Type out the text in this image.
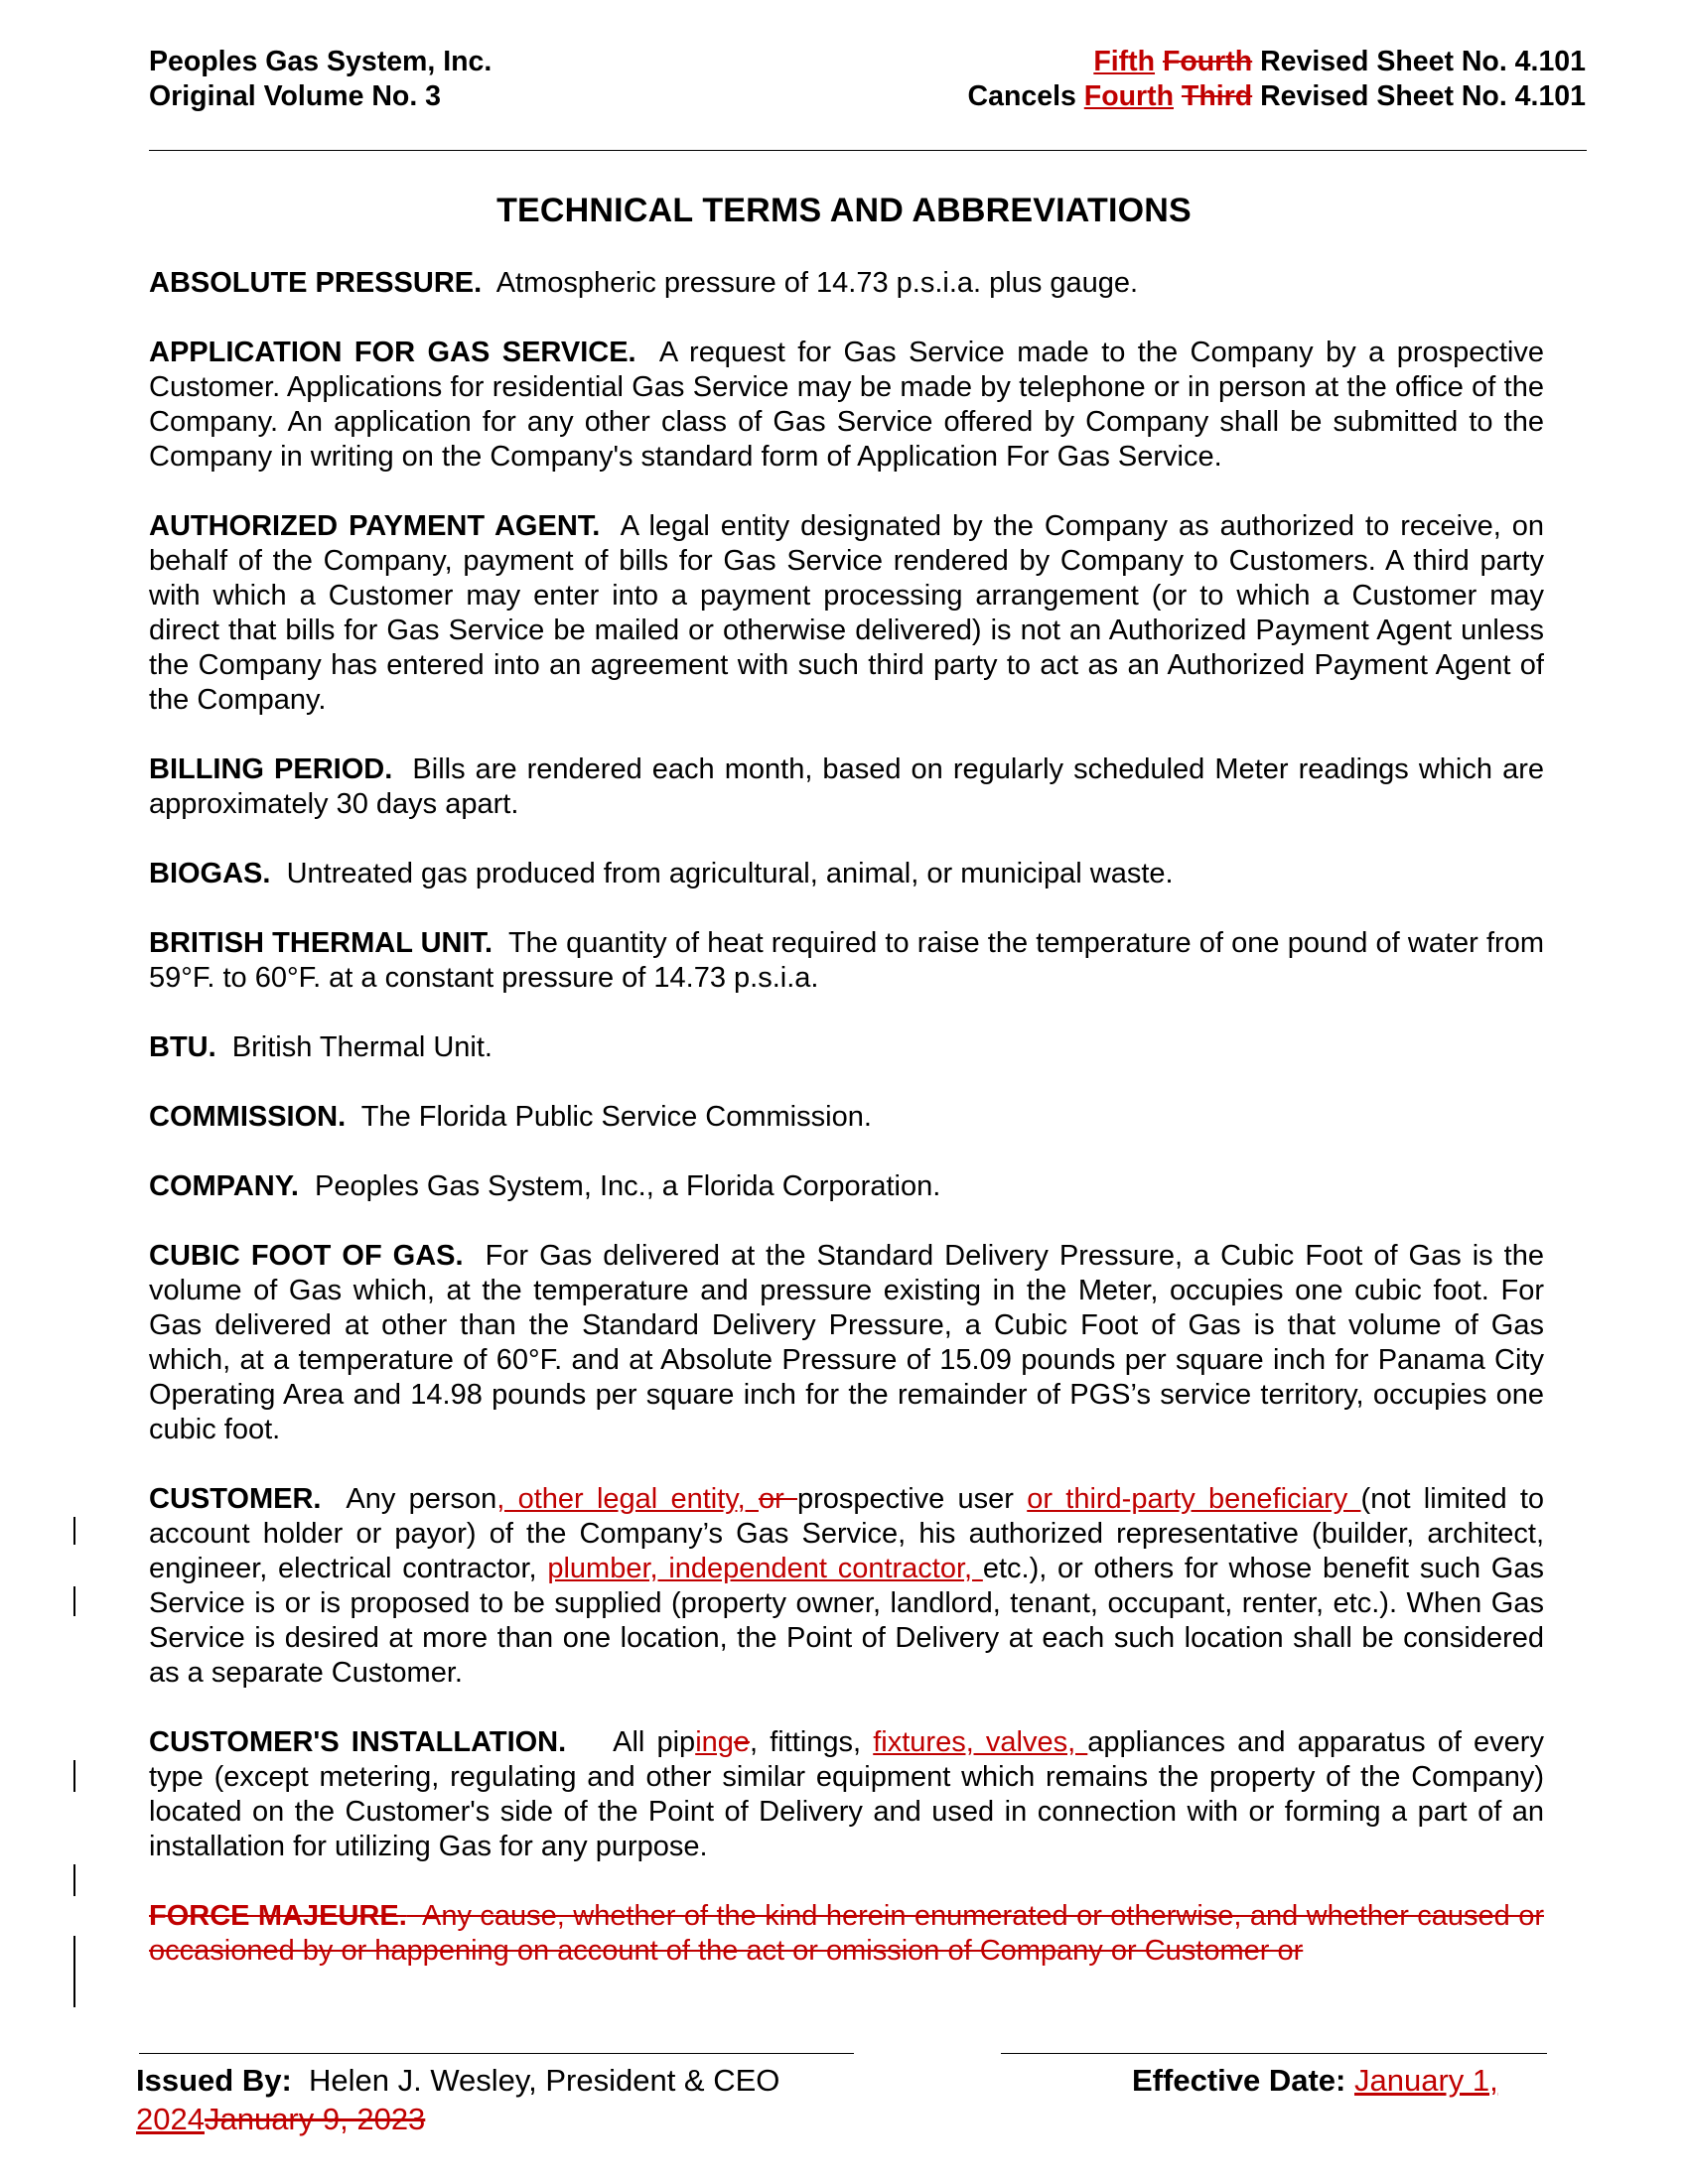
Peoples Gas System, Inc.
Original Volume No. 3
Fifth Fourth Revised Sheet No. 4.101
Cancels Fourth Third Revised Sheet No. 4.101
TECHNICAL TERMS AND ABBREVIATIONS

ABSOLUTE PRESSURE. Atmospheric pressure of 14.73 p.s.i.a. plus gauge.

APPLICATION FOR GAS SERVICE. A request for Gas Service made to the Company by a prospective Customer. Applications for residential Gas Service may be made by telephone or in person at the office of the Company. An application for any other class of Gas Service offered by Company shall be submitted to the Company in writing on the Company's standard form of Application For Gas Service.

AUTHORIZED PAYMENT AGENT. A legal entity designated by the Company as authorized to receive, on behalf of the Company, payment of bills for Gas Service rendered by Company to Customers. A third party with which a Customer may enter into a payment processing arrangement (or to which a Customer may direct that bills for Gas Service be mailed or otherwise delivered) is not an Authorized Payment Agent unless the Company has entered into an agreement with such third party to act as an Authorized Payment Agent of the Company.

BILLING PERIOD. Bills are rendered each month, based on regularly scheduled Meter readings which are approximately 30 days apart.

BIOGAS. Untreated gas produced from agricultural, animal, or municipal waste.

BRITISH THERMAL UNIT. The quantity of heat required to raise the temperature of one pound of water from 59°F. to 60°F. at a constant pressure of 14.73 p.s.i.a.

BTU. British Thermal Unit.

COMMISSION. The Florida Public Service Commission.

COMPANY. Peoples Gas System, Inc., a Florida Corporation.

CUBIC FOOT OF GAS. For Gas delivered at the Standard Delivery Pressure, a Cubic Foot of Gas is the volume of Gas which, at the temperature and pressure existing in the Meter, occupies one cubic foot. For Gas delivered at other than the Standard Delivery Pressure, a Cubic Foot of Gas is that volume of Gas which, at a temperature of 60°F. and at Absolute Pressure of 15.09 pounds per square inch for Panama City Operating Area and 14.98 pounds per square inch for the remainder of PGS’s service territory, occupies one cubic foot.

CUSTOMER. Any person, other legal entity, or prospective user or third-party beneficiary (not limited to account holder or payor) of the Company’s Gas Service, his authorized representative (builder, architect, engineer, electrical contractor, plumber, independent contractor, etc.), or others for whose benefit such Gas Service is or is proposed to be supplied (property owner, landlord, tenant, occupant, renter, etc.). When Gas Service is desired at more than one location, the Point of Delivery at each such location shall be considered as a separate Customer.

CUSTOMER'S INSTALLATION. All pipinge, fittings, fixtures, valves, appliances and apparatus of every type (except metering, regulating and other similar equipment which remains the property of the Company) located on the Customer's side of the Point of Delivery and used in connection with or forming a part of an installation for utilizing Gas for any purpose.

FORCE MAJEURE. Any cause, whether of the kind herein enumerated or otherwise, and whether caused or occasioned by or happening on account of the act or omission of Company or Customer or

Issued By: Helen J. Wesley, President & CEO	Effective Date: January 1,
2024January 9, 2023
